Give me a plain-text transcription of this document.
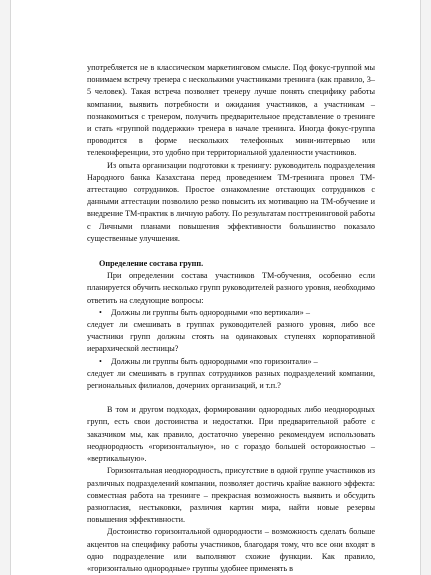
употребляется не в классическом маркетинговом смысле. Под фокус-группой мы понимаем встречу тренера с несколькими участниками тренинга (как правило, 3–5 человек). Такая встреча позволяет тренеру лучше понять специфику работы компании, выявить потребности и ожидания участников, а участникам – познакомиться с тренером, получить предварительное представление о тренинге и стать «группой поддержки» тренера в начале тренинга. Иногда фокус-группа проводится в форме нескольких телефонных мини-интервью или телеконференции, это удобно при территориальной удаленности участников.

Из опыта организации подготовки к тренингу: руководитель подразделения Народного банка Казахстана перед проведением ТМ-тренинга провел ТМ-аттестацию сотрудников. Простое ознакомление отстающих сотрудников с данными аттестации позволило резко повысить их мотивацию на ТМ-обучение и внедрение ТМ-практик в личную работу. По результатам посттренинговой работы с Личными планами повышения эффективности большинство показало существенные улучшения.

Определение состава групп.

При определении состава участников ТМ-обучения, особенно если планируется обучить несколько групп руководителей разного уровня, необходимо ответить на следующие вопросы:

•	Должны ли группы быть однородными «по вертикали» –

следует ли смешивать в группах руководителей разного уровня, либо все участники групп должны стоять на одинаковых ступенях корпоративной иерархической лестницы?

•	Должны ли группы быть однородными «по горизонтали» –

следует ли смешивать в группах сотрудников разных подразделений компании, региональных филиалов, дочерних организаций, и т.п.?

В том и другом подходах, формировании однородных либо неоднородных групп, есть свои достоинства и недостатки. При предварительной работе с заказчиком мы, как правило, достаточно уверенно рекомендуем использовать неоднородность «горизонтальную», но с гораздо большей осторожностью – «вертикальную».

Горизонтальная неоднородность, присутствие в одной группе участников из различных подразделений компании, позволяет достичь крайне важного эффекта: совместная работа на тренинге – прекрасная возможность выявить и обсудить разногласия, нестыковки, различия картин мира, найти новые резервы повышения эффективности.

Достоинство горизонтальной однородности – возможность сделать больше акцентов на специфику работы участников, благодаря тому, что все они входят в одно подразделение или выполняют схожие функции. Как правило, «горизонтально однородные» группы удобнее применять в
